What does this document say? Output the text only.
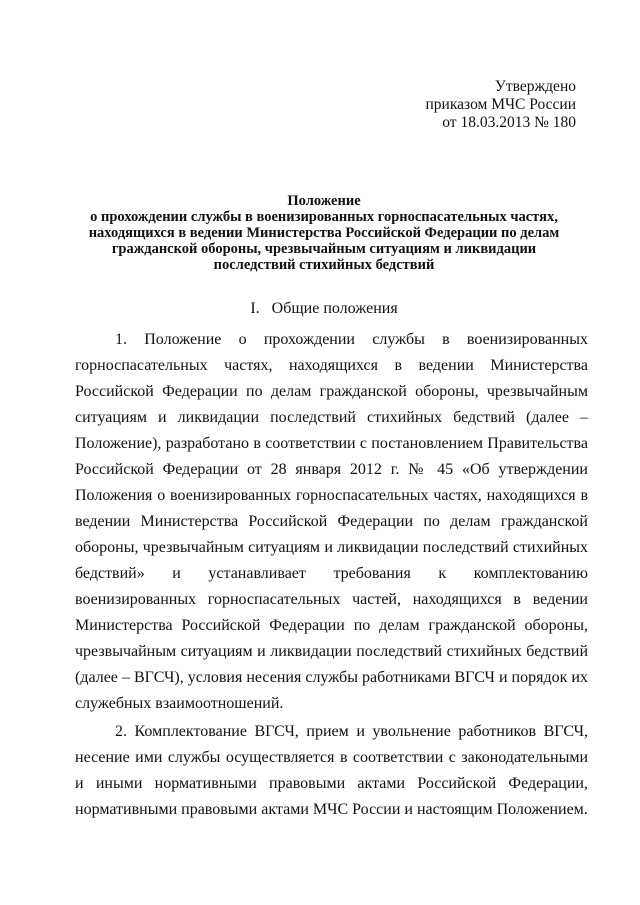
Утверждено
приказом МЧС России
от 18.03.2013 № 180
Положение
о прохождении службы в военизированных горноспасательных частях,
находящихся в ведении Министерства Российской Федерации по делам
гражданской обороны, чрезвычайным ситуациям и ликвидации
последствий стихийных бедствий
I. Общие положения

1. Положение о прохождении службы в военизированных горноспасательных частях, находящихся в ведении Министерства Российской Федерации по делам гражданской обороны, чрезвычайным ситуациям и ликвидации последствий стихийных бедствий (далее – Положение), разработано в соответствии с постановлением Правительства Российской Федерации от 28 января 2012 г. № 45 «Об утверждении Положения о военизированных горноспасательных частях, находящихся в ведении Министерства Российской Федерации по делам гражданской обороны, чрезвычайным ситуациям и ликвидации последствий стихийных бедствий» и устанавливает требования к комплектованию военизированных горноспасательных частей, находящихся в ведении Министерства Российской Федерации по делам гражданской обороны, чрезвычайным ситуациям и ликвидации последствий стихийных бедствий (далее – ВГСЧ), условия несения службы работниками ВГСЧ и порядок их служебных взаимоотношений.

2. Комплектование ВГСЧ, прием и увольнение работников ВГСЧ, несение ими службы осуществляется в соответствии с законодательными и иными нормативными правовыми актами Российской Федерации, нормативными правовыми актами МЧС России и настоящим Положением.
